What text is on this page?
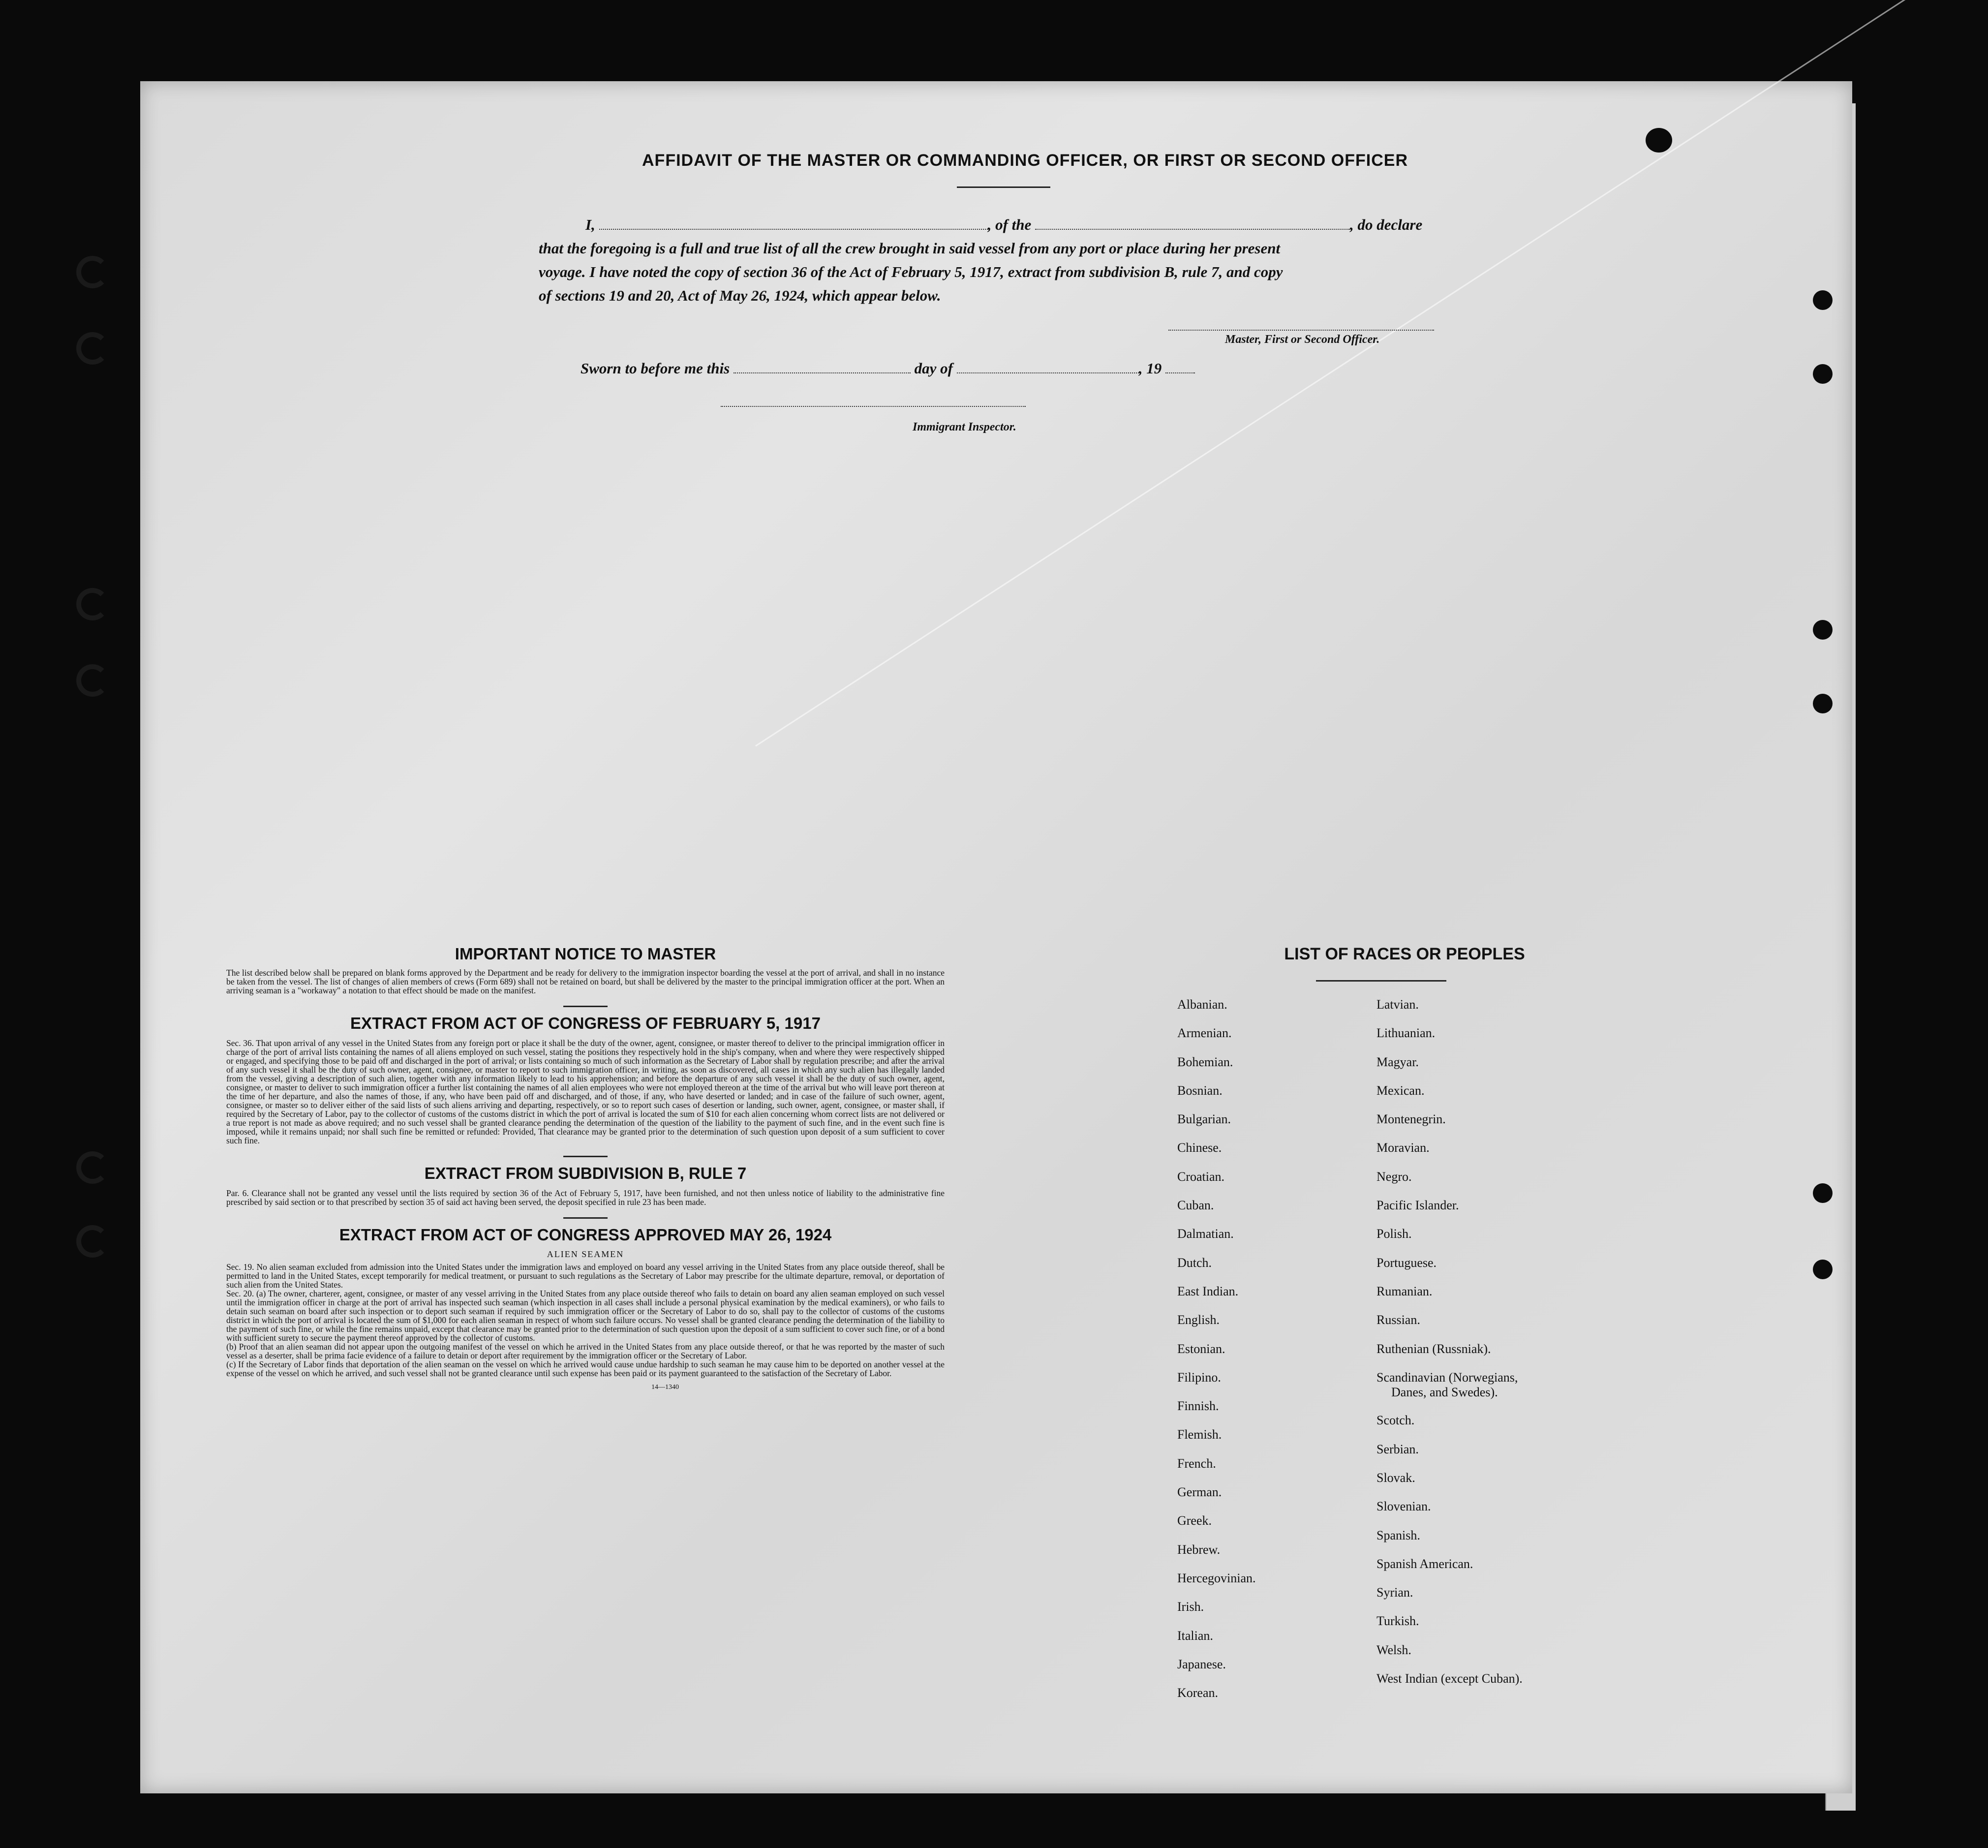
AFFIDAVIT OF THE MASTER OR COMMANDING OFFICER, OR FIRST OR SECOND OFFICER
I,	, of the	, do declare
that the foregoing is a full and true list of all the crew brought in said vessel from any port or place during her present
voyage. I have noted the copy of section 36 of the Act of February 5, 1917, extract from subdivision B, rule 7, and copy
of sections 19 and 20, Act of May 26, 1924, which appear below.
Master, First or Second Officer.
Sworn to before me this	day of	, 19
Immigrant Inspector.
IMPORTANT NOTICE TO MASTER

The list described below shall be prepared on blank forms approved by the Department and be ready for delivery to the immigration inspector boarding the vessel at the port of arrival, and shall in no instance be taken from the vessel. The list of changes of alien members of crews (Form 689) shall not be retained on board, but shall be delivered by the master to the principal immigration officer at the port. When an arriving seaman is a "workaway" a notation to that effect should be made on the manifest.

EXTRACT FROM ACT OF CONGRESS OF FEBRUARY 5, 1917

Sec. 36. That upon arrival of any vessel in the United States from any foreign port or place it shall be the duty of the owner, agent, consignee, or master thereof to deliver to the principal immigration officer in charge of the port of arrival lists containing the names of all aliens employed on such vessel, stating the positions they respectively hold in the ship's company, when and where they were respectively shipped or engaged, and specifying those to be paid off and discharged in the port of arrival; or lists containing so much of such information as the Secretary of Labor shall by regulation prescribe; and after the arrival of any such vessel it shall be the duty of such owner, agent, consignee, or master to report to such immigration officer, in writing, as soon as discovered, all cases in which any such alien has illegally landed from the vessel, giving a description of such alien, together with any information likely to lead to his apprehension; and before the departure of any such vessel it shall be the duty of such owner, agent, consignee, or master to deliver to such immigration officer a further list containing the names of all alien employees who were not employed thereon at the time of the arrival but who will leave port thereon at the time of her departure, and also the names of those, if any, who have been paid off and discharged, and of those, if any, who have deserted or landed; and in case of the failure of such owner, agent, consignee, or master so to deliver either of the said lists of such aliens arriving and departing, respectively, or so to report such cases of desertion or landing, such owner, agent, consignee, or master shall, if required by the Secretary of Labor, pay to the collector of customs of the customs district in which the port of arrival is located the sum of $10 for each alien concerning whom correct lists are not delivered or a true report is not made as above required; and no such vessel shall be granted clearance pending the determination of the question of the liability to the payment of such fine, and in the event such fine is imposed, while it remains unpaid; nor shall such fine be remitted or refunded: Provided, That clearance may be granted prior to the determination of such question upon deposit of a sum sufficient to cover such fine.

EXTRACT FROM SUBDIVISION B, RULE 7

Par. 6. Clearance shall not be granted any vessel until the lists required by section 36 of the Act of February 5, 1917, have been furnished, and not then unless notice of liability to the administrative fine prescribed by said section or to that prescribed by section 35 of said act having been served, the deposit specified in rule 23 has been made.

EXTRACT FROM ACT OF CONGRESS APPROVED MAY 26, 1924
ALIEN SEAMEN

Sec. 19. No alien seaman excluded from admission into the United States under the immigration laws and employed on board any vessel arriving in the United States from any place outside thereof, shall be permitted to land in the United States, except temporarily for medical treatment, or pursuant to such regulations as the Secretary of Labor may prescribe for the ultimate departure, removal, or deportation of such alien from the United States.

Sec. 20. (a) The owner, charterer, agent, consignee, or master of any vessel arriving in the United States from any place outside thereof who fails to detain on board any alien seaman employed on such vessel until the immigration officer in charge at the port of arrival has inspected such seaman (which inspection in all cases shall include a personal physical examination by the medical examiners), or who fails to detain such seaman on board after such inspection or to deport such seaman if required by such immigration officer or the Secretary of Labor to do so, shall pay to the collector of customs of the customs district in which the port of arrival is located the sum of $1,000 for each alien seaman in respect of whom such failure occurs. No vessel shall be granted clearance pending the determination of the liability to the payment of such fine, or while the fine remains unpaid, except that clearance may be granted prior to the determination of such question upon the deposit of a sum sufficient to cover such fine, or of a bond with sufficient surety to secure the payment thereof approved by the collector of customs.

(b) Proof that an alien seaman did not appear upon the outgoing manifest of the vessel on which he arrived in the United States from any place outside thereof, or that he was reported by the master of such vessel as a deserter, shall be prima facie evidence of a failure to detain or deport after requirement by the immigration officer or the Secretary of Labor.

(c) If the Secretary of Labor finds that deportation of the alien seaman on the vessel on which he arrived would cause undue hardship to such seaman he may cause him to be deported on another vessel at the expense of the vessel on which he arrived, and such vessel shall not be granted clearance until such expense has been paid or its payment guaranteed to the satisfaction of the Secretary of Labor.

14—1340
LIST OF RACES OR PEOPLES
Albanian.
Armenian.
Bohemian.
Bosnian.
Bulgarian.
Chinese.
Croatian.
Cuban.
Dalmatian.
Dutch.
East Indian.
English.
Estonian.
Filipino.
Finnish.
Flemish.
French.
German.
Greek.
Hebrew.
Hercegovinian.
Irish.
Italian.
Japanese.
Korean.
Latvian.
Lithuanian.
Magyar.
Mexican.
Montenegrin.
Moravian.
Negro.
Pacific Islander.
Polish.
Portuguese.
Rumanian.
Russian.
Ruthenian (Russniak).
Scandinavian (Norwegians,
Danes, and Swedes).
Scotch.
Serbian.
Slovak.
Slovenian.
Spanish.
Spanish American.
Syrian.
Turkish.
Welsh.
West Indian (except Cuban).
